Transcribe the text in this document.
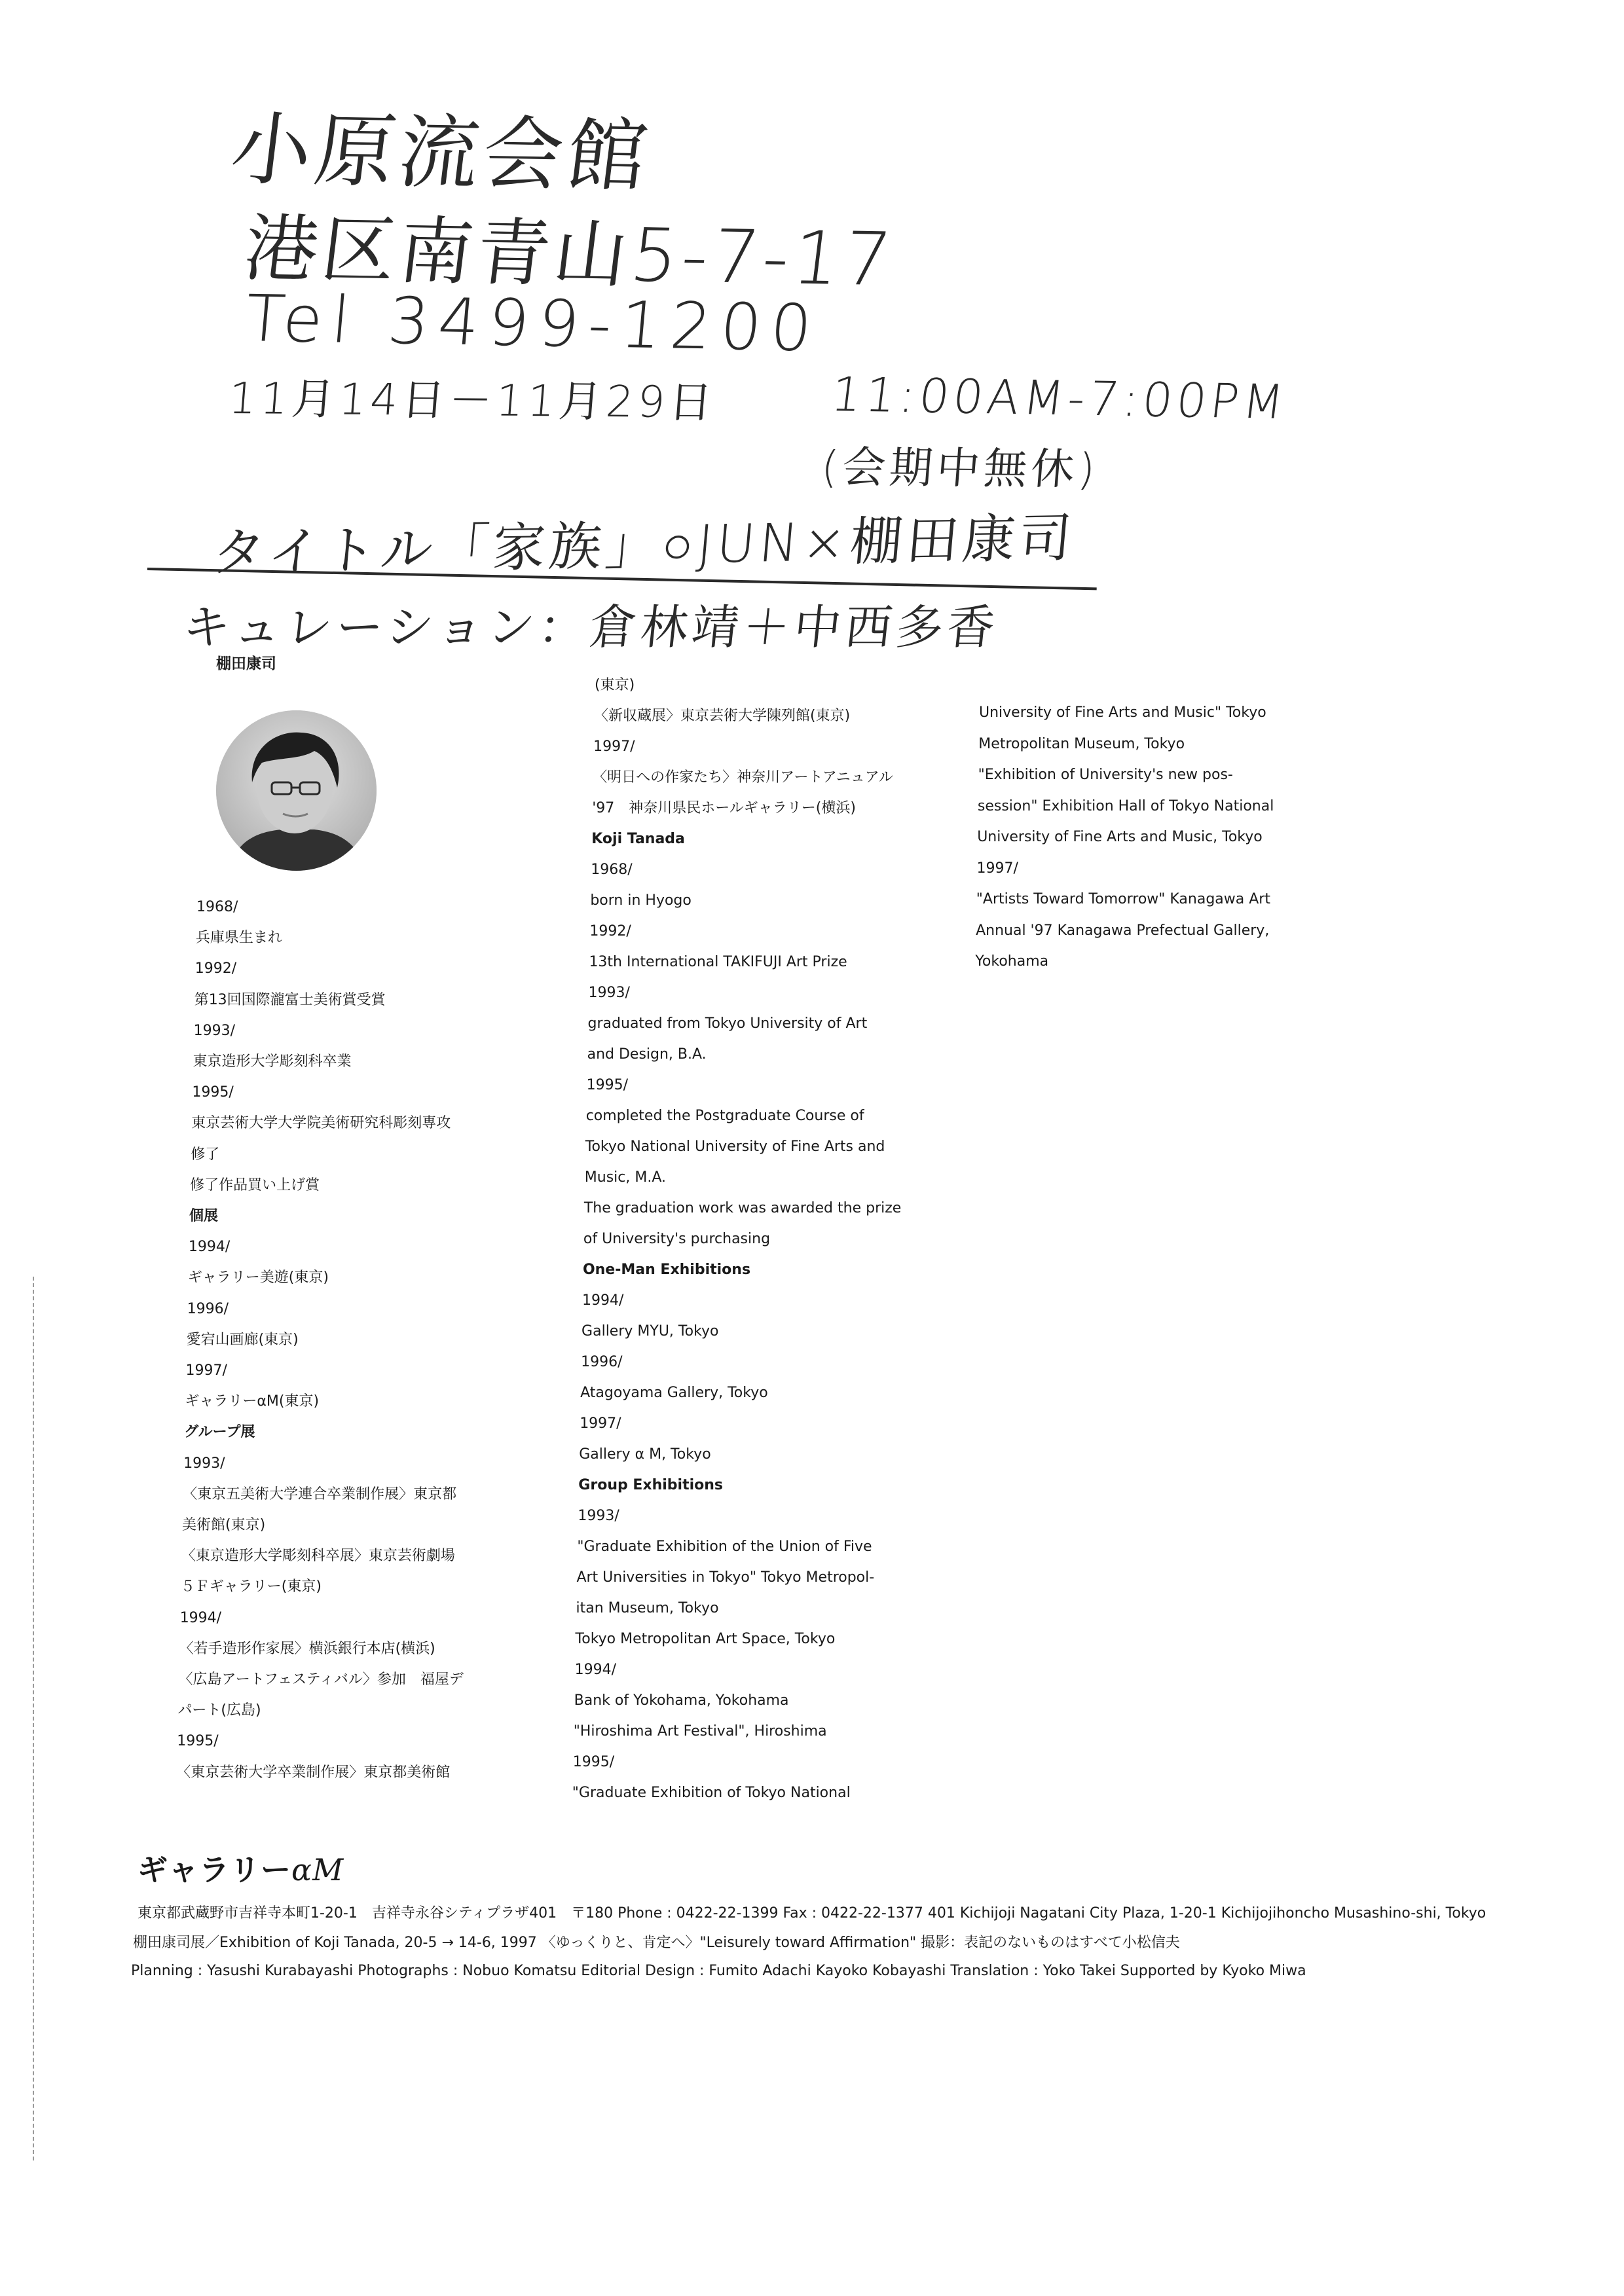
小原流会館
港区南青山5-7-17
Tel 3499-1200
11月14日－11月29日 11:00AM-7:00PM
(会期中無休)
タイトル「家族」○JUN×棚田康司
キュレーション：倉林靖＋中西多香
棚田康司
1968/
兵庫県生まれ
1992/
第13回国際瀧富士美術賞受賞
1993/
東京造形大学彫刻科卒業
1995/
東京芸術大学大学院美術研究科彫刻専攻
修了
修了作品買い上げ賞
個展
1994/
ギャラリー美遊(東京)
1996/
愛宕山画廊(東京)
1997/
ギャラリーαM(東京)
グループ展
1993/
〈東京五美術大学連合卒業制作展〉東京都
美術館(東京)
〈東京造形大学彫刻科卒展〉東京芸術劇場
５Ｆギャラリー(東京)
1994/
〈若手造形作家展〉横浜銀行本店(横浜)
〈広島アートフェスティバル〉参加　福屋デ
パート(広島)
1995/
〈東京芸術大学卒業制作展〉東京都美術館
(東京)
〈新収蔵展〉東京芸術大学陳列館(東京)
1997/
〈明日への作家たち〉神奈川アートアニュアル
'97　神奈川県民ホールギャラリー(横浜)
Koji Tanada
1968/
born in Hyogo
1992/
13th International TAKIFUJI Art Prize
1993/
graduated from Tokyo University of Art
and Design, B.A.
1995/
completed the Postgraduate Course of
Tokyo National University of Fine Arts and
Music, M.A.
The graduation work was awarded the prize
of University's purchasing
One-Man Exhibitions
1994/
Gallery MYU, Tokyo
1996/
Atagoyama Gallery, Tokyo
1997/
Gallery α M, Tokyo
Group Exhibitions
1993/
"Graduate Exhibition of the Union of Five
Art Universities in Tokyo" Tokyo Metropol-
itan Museum, Tokyo
Tokyo Metropolitan Art Space, Tokyo
1994/
Bank of Yokohama, Yokohama
"Hiroshima Art Festival", Hiroshima
1995/
"Graduate Exhibition of Tokyo National
University of Fine Arts and Music" Tokyo
Metropolitan Museum, Tokyo
"Exhibition of University's new pos-
session" Exhibition Hall of Tokyo National
University of Fine Arts and Music, Tokyo
1997/
"Artists Toward Tomorrow" Kanagawa Art
Annual '97 Kanagawa Prefectual Gallery,
Yokohama
ギャラリーαM
東京都武蔵野市吉祥寺本町1-20-1　吉祥寺永谷シティプラザ401　〒180 Phone : 0422-22-1399 Fax : 0422-22-1377 401 Kichijoji Nagatani City Plaza, 1-20-1 Kichijojihoncho Musashino-shi, Tokyo
棚田康司展／Exhibition of Koji Tanada, 20-5 → 14-6, 1997 〈ゆっくりと、肯定へ〉"Leisurely toward Affirmation" 撮影：表記のないものはすべて小松信夫
Planning : Yasushi Kurabayashi Photographs : Nobuo Komatsu Editorial Design : Fumito Adachi Kayoko Kobayashi Translation : Yoko Takei Supported by Kyoko Miwa
